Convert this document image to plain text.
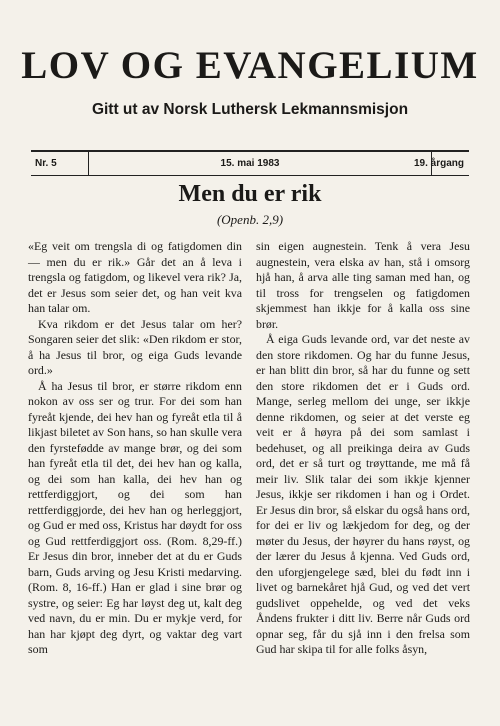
LOV OG EVANGELIUM
Gitt ut av Norsk Luthersk Lekmannsmisjon
Nr. 5	15. mai 1983	19. årgang
Men du er rik
(Openb. 2,9)

«Eg veit om trengsla di og fatigdomen din — men du er rik.» Går det an å leva i trengsla og fatigdom, og likevel vera rik? Ja, det er Jesus som seier det, og han veit kva han talar om.

Kva rikdom er det Jesus talar om her? Songaren seier det slik: «Den rikdom er stor, å ha Jesus til bror, og eiga Guds levande ord.»

Å ha Jesus til bror, er større rikdom enn nokon av oss ser og trur. For dei som han fyreåt kjende, dei hev han og fyreåt etla til å likjast biletet av Son hans, so han skulle vera den fyrstefødde av mange brør, og dei som han fyreåt etla til det, dei hev han og kalla, og dei som han kalla, dei hev han og rettferdiggjort, og dei som han rettferdiggjorde, dei hev han og herleggjort, og Gud er med oss, Kristus har døydt for oss og Gud rettferdiggjort oss. (Rom. 8,29-ff.) Er Jesus din bror, inneber det at du er Guds barn, Guds arving og Jesu Kristi medarving. (Rom. 8, 16-ff.) Han er glad i sine brør og systre, og seier: Eg har løyst deg ut, kalt deg ved navn, du er min. Du er mykje verd, for han har kjøpt deg dyrt, og vaktar deg vart som

sin eigen augnestein. Tenk å vera Jesu augnestein, vera elska av han, stå i omsorg hjå han, å arva alle ting saman med han, og til tross for trengselen og fatigdomen skjemmest han ikkje for å kalla oss sine brør.

Å eiga Guds levande ord, var det neste av den store rikdomen. Og har du funne Jesus, er han blitt din bror, så har du funne og sett den store rikdomen det er i Guds ord. Mange, serleg mellom dei unge, ser ikkje denne rikdomen, og seier at det verste eg veit er å høyra på dei som samlast i bedehuset, og all preikinga deira av Guds ord, det er så turt og trøyttande, me må få meir liv. Slik talar dei som ikkje kjenner Jesus, ikkje ser rikdomen i han og i Ordet. Er Jesus din bror, så elskar du også hans ord, for dei er liv og lækjedom for deg, og der møter du Jesus, der høyrer du hans røyst, og der lærer du Jesus å kjenna. Ved Guds ord, den uforgjengelege sæd, blei du født inn i livet og barnekåret hjå Gud, og ved det vert gudslivet oppehelde, og ved det veks Åndens frukter i ditt liv. Berre når Guds ord opnar seg, får du sjå inn i den frelsa som Gud har skipa til for alle folks åsyn,
